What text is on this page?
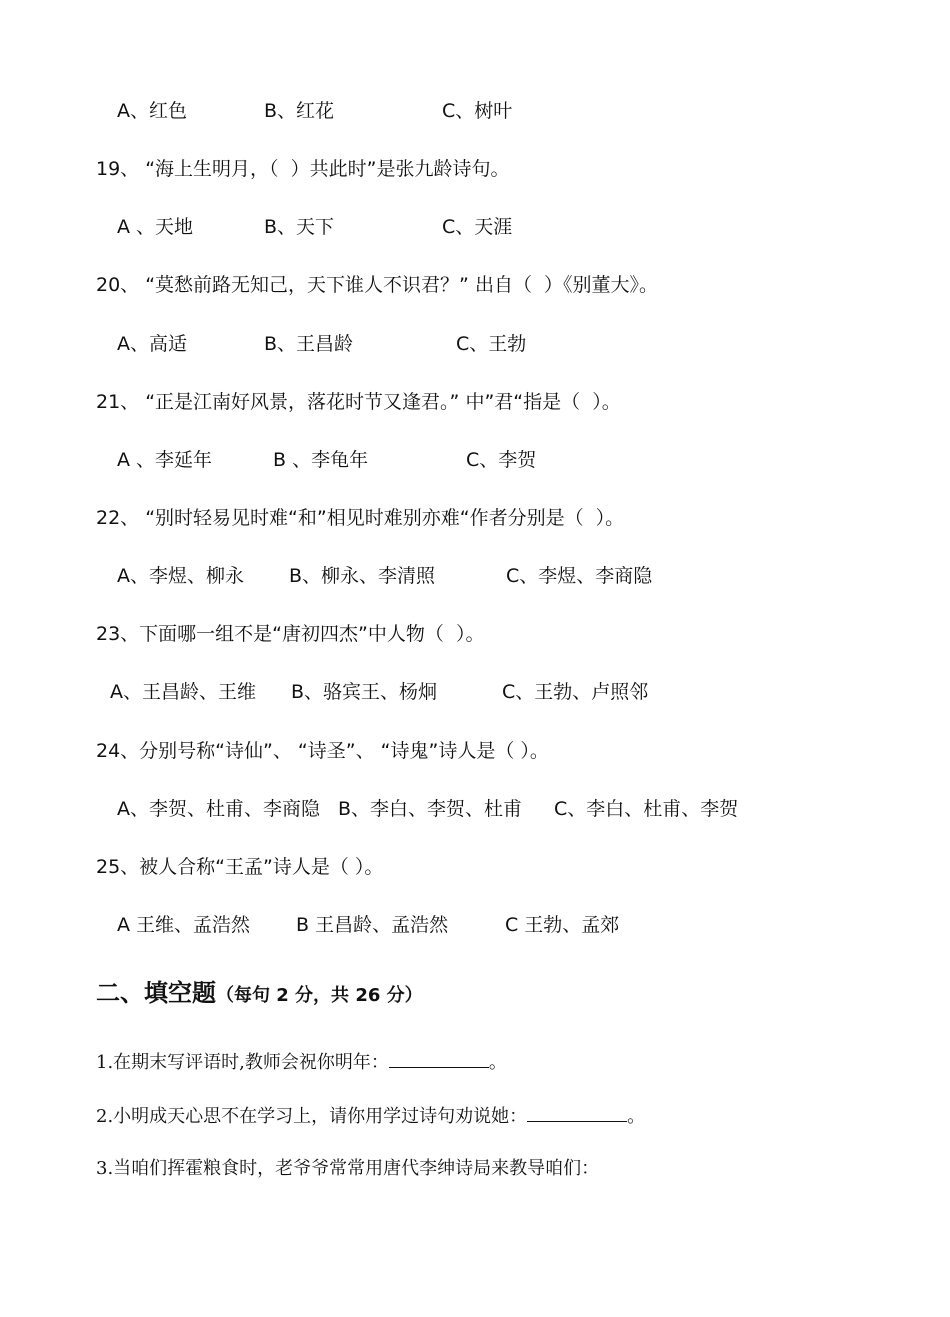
A、红色	B、红花	C、树叶
19、 “海上生明月，（  ）共此时”是张九龄诗句。
A 、天地	B、天下	C、天涯
20、 “莫愁前路无知己，天下谁人不识君？” 出自（  ）《别董大》。
A、高适	B、王昌龄	C、王勃
21、 “正是江南好风景，落花时节又逢君。” 中”君“指是（  ）。
A 、李延年	B 、李龟年	C、李贺
22、 “别时轻易见时难“和”相见时难别亦难“作者分别是（  ）。
A、李煜、柳永 B、柳永、李清照	C、李煜、李商隐
23、下面哪一组不是“唐初四杰”中人物（  ）。
A、王昌龄、王维 B、骆宾王、杨炯	C、王勃、卢照邻
24、分别号称“诗仙”、 “诗圣”、 “诗鬼”诗人是（ ）。
A、李贺、杜甫、李商隐 B、李白、李贺、杜甫 C、李白、杜甫、李贺
25、被人合称“王孟”诗人是（ ）。
A 王维、孟浩然 B 王昌龄、孟浩然	C 王勃、孟郊
二、填空题（每句 2 分，共 26 分）
1.在期末写评语时,教师会祝你明年：	。
2.小明成天心思不在学习上，请你用学过诗句劝说她：	。
3.当咱们挥霍粮食时，老爷爷常常用唐代李绅诗局来教导咱们：
